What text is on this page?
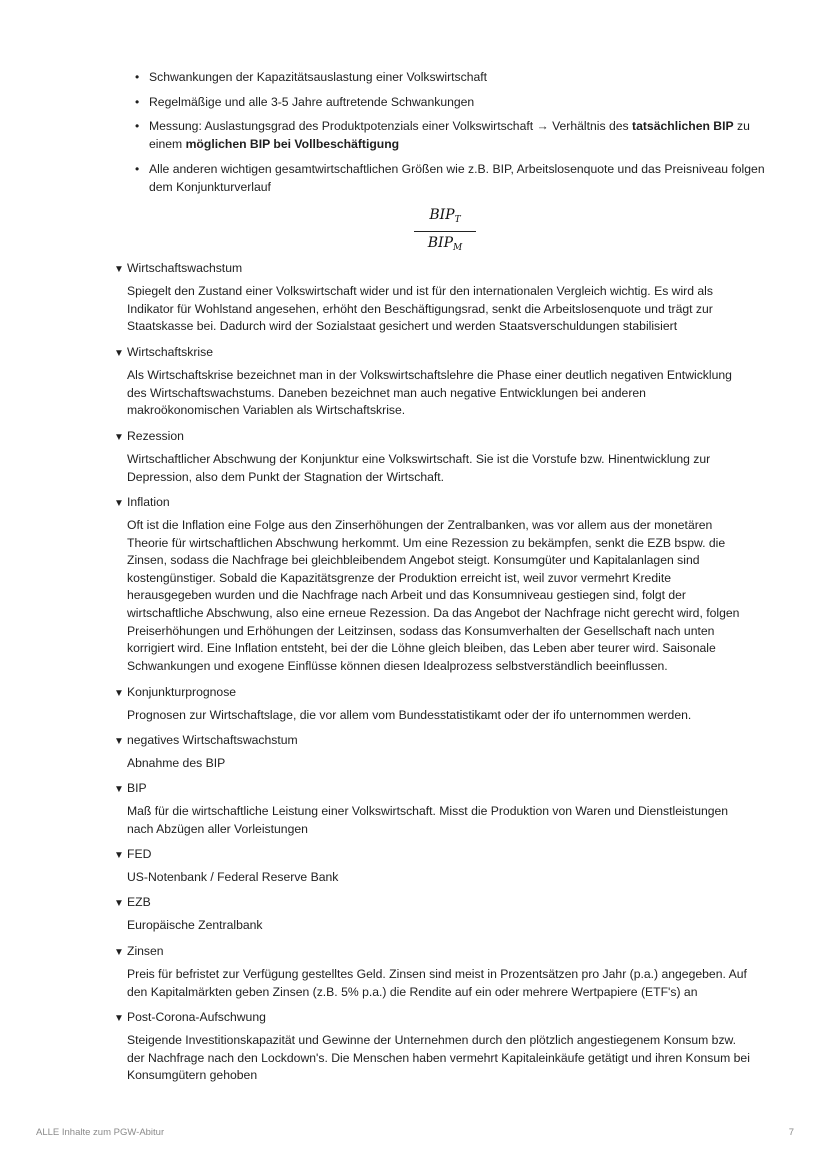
• Schwankungen der Kapazitätsauslastung einer Volkswirtschaft
• Regelmäßige und alle 3-5 Jahre auftretende Schwankungen
• Messung: Auslastungsgrad des Produktpotenzials einer Volkswirtschaft → Verhältnis des tatsächlichen BIP zu einem möglichen BIP bei Vollbeschäftigung
• Alle anderen wichtigen gesamtwirtschaftlichen Größen wie z.B. BIP, Arbeitslosenquote und das Preisniveau folgen dem Konjunkturverlauf
$BIP_T$
$BIP_M$
▼ Wirtschaftswachstum
Spiegelt den Zustand einer Volkswirtschaft wider und ist für den internationalen Vergleich wichtig. Es wird als Indikator für Wohlstand angesehen, erhöht den Beschäftigungsrad, senkt die Arbeitslosenquote und trägt zur Staatskasse bei. Dadurch wird der Sozialstaat gesichert und werden Staatsverschuldungen stabilisiert
▼ Wirtschaftskrise
Als Wirtschaftskrise bezeichnet man in der Volkswirtschaftslehre die Phase einer deutlich negativen Entwicklung des Wirtschaftswachstums. Daneben bezeichnet man auch negative Entwicklungen bei anderen makroökonomischen Variablen als Wirtschaftskrise.
▼ Rezession
Wirtschaftlicher Abschwung der Konjunktur eine Volkswirtschaft. Sie ist die Vorstufe bzw. Hinentwicklung zur Depression, also dem Punkt der Stagnation der Wirtschaft.
▼ Inflation
Oft ist die Inflation eine Folge aus den Zinserhöhungen der Zentralbanken, was vor allem aus der monetären Theorie für wirtschaftlichen Abschwung herkommt. Um eine Rezession zu bekämpfen, senkt die EZB bspw. die Zinsen, sodass die Nachfrage bei gleichbleibendem Angebot steigt. Konsumgüter und Kapitalanlagen sind kostengünstiger. Sobald die Kapazitätsgrenze der Produktion erreicht ist, weil zuvor vermehrt Kredite herausgegeben wurden und die Nachfrage nach Arbeit und das Konsumniveau gestiegen sind, folgt der wirtschaftliche Abschwung, also eine erneue Rezession. Da das Angebot der Nachfrage nicht gerecht wird, folgen Preiserhöhungen und Erhöhungen der Leitzinsen, sodass das Konsumverhalten der Gesellschaft nach unten korrigiert wird. Eine Inflation entsteht, bei der die Löhne gleich bleiben, das Leben aber teurer wird. Saisonale Schwankungen und exogene Einflüsse können diesen Idealprozess selbstverständlich beeinflussen.
▼ Konjunkturprognose
Prognosen zur Wirtschaftslage, die vor allem vom Bundesstatistikamt oder der ifo unternommen werden.
▼ negatives Wirtschaftswachstum
Abnahme des BIP
▼ BIP
Maß für die wirtschaftliche Leistung einer Volkswirtschaft. Misst die Produktion von Waren und Dienstleistungen nach Abzügen aller Vorleistungen
▼ FED
US-Notenbank / Federal Reserve Bank
▼ EZB
Europäische Zentralbank
▼ Zinsen
Preis für befristet zur Verfügung gestelltes Geld. Zinsen sind meist in Prozentsätzen pro Jahr (p.a.) angegeben. Auf den Kapitalmärkten geben Zinsen (z.B. 5% p.a.) die Rendite auf ein oder mehrere Wertpapiere (ETF's) an
▼ Post-Corona-Aufschwung
Steigende Investitionskapazität und Gewinne der Unternehmen durch den plötzlich angestiegenem Konsum bzw. der Nachfrage nach den Lockdown's. Die Menschen haben vermehrt Kapitaleinkäufe getätigt und ihren Konsum bei Konsumgütern gehoben
ALLE Inhalte zum PGW-Abitur	7
